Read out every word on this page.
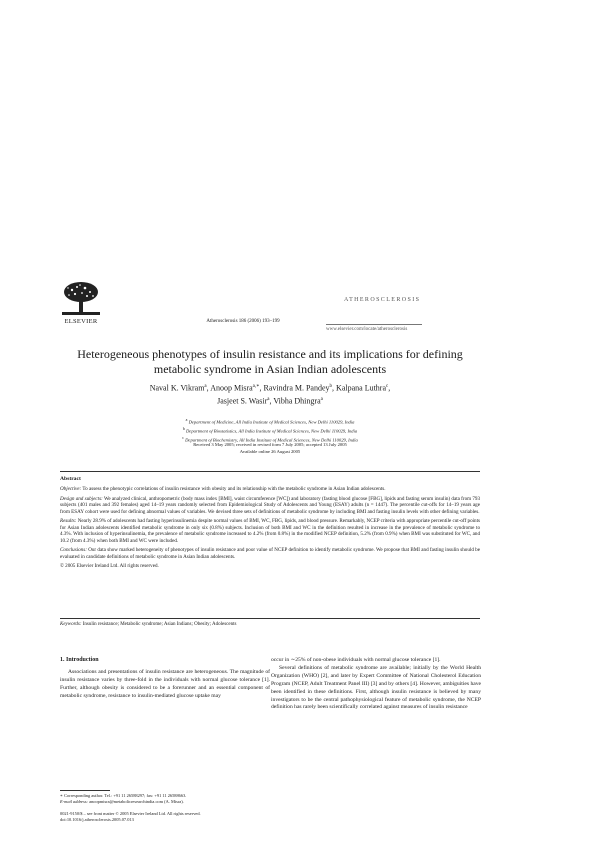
ELSEVIER	Atherosclerosis 186 (2006) 193–199
ATHEROSCLEROSIS
www.elsevier.com/locate/atherosclerosis
Heterogeneous phenotypes of insulin resistance and its implications for defining metabolic syndrome in Asian Indian adolescents
Naval K. Vikram$^a$, Anoop Misra$^{a,∗}$, Ravindra M. Pandey$^b$, Kalpana Luthra$^c$,
Jasjeet S. Wasir$^a$, Vibha Dhingra$^a$
$^a$ Department of Medicine, All India Institute of Medical Sciences, New Delhi 110029, India
$^b$ Department of Biostatistics, All India Institute of Medical Sciences, New Delhi 110029, India
$^c$ Department of Biochemistry, All India Institute of Medical Sciences, New Delhi 110029, India
Received 3 May 2005; received in revised form 7 July 2005; accepted 13 July 2005
Available online 26 August 2005
Abstract

Objective: To assess the phenotypic correlations of insulin resistance with obesity and its relationship with the metabolic syndrome in Asian Indian adolescents.

Design and subjects: We analyzed clinical, anthropometric (body mass index [BMI], waist circumference [WC]) and laboratory (fasting blood glucose [FBG], lipids and fasting serum insulin) data from 793 subjects (401 males and 392 females) aged 14–19 years randomly selected from Epidemiological Study of Adolescents and Young (ESAY) adults (n = 1447). The percentile cut-offs for 14–19 years age from ESAY cohort were used for defining abnormal values of variables. We devised three sets of definitions of metabolic syndrome by including BMI and fasting insulin levels with other defining variables.

Results: Nearly 28.9% of adolescents had fasting hyperinsulinemia despite normal values of BMI, WC, FBG, lipids, and blood pressure. Remarkably, NCEP criteria with appropriate percentile cut-off points for Asian Indian adolescents identified metabolic syndrome in only six (0.8%) subjects. Inclusion of both BMI and WC in the definition resulted in increase in the prevalence of metabolic syndrome to 4.3%. With inclusion of hyperinsulinemia, the prevalence of metabolic syndrome increased to 4.2% (from 0.8%) in the modified NCEP definition, 5.2% (from 0.9%) when BMI was substituted for WC, and 10.2 (from 4.3%) when both BMI and WC were included.

Conclusions: Our data show marked heterogeneity of phenotypes of insulin resistance and poor value of NCEP definition to identify metabolic syndrome. We propose that BMI and fasting insulin should be evaluated in candidate definitions of metabolic syndrome in Asian Indian adolescents.

© 2005 Elsevier Ireland Ltd. All rights reserved.

Keywords: Insulin resistance; Metabolic syndrome; Asian Indians; Obesity; Adolescents
1. Introduction

Associations and presentations of insulin resistance are heterogeneous. The magnitude of insulin resistance varies by three-fold in the individuals with normal glucose tolerance [1]. Further, although obesity is considered to be a forerunner and an essential component of metabolic syndrome, resistance to insulin-mediated glucose uptake may

occur in ∼25% of non-obese individuals with normal glucose tolerance [1].

Several definitions of metabolic syndrome are available; initially by the World Health Organization (WHO) [2], and later by Expert Committee of National Cholesterol Education Program (NCEP, Adult Treatment Panel III) [3] and by others [4]. However, ambiguities have been identified in these definitions. First, although insulin resistance is believed by many investigators to be the central pathophysiological feature of metabolic syndrome, the NCEP definition has rarely been scientifically correlated against measures of insulin resistance

∗ Corresponding author. Tel.: +91 11 26588297; fax: +91 11 26588663.
E-mail address: anoopmisra@metabolicresearchindia.com (A. Misra).
0021-9150/$ – see front matter © 2005 Elsevier Ireland Ltd. All rights reserved.
doi:10.1016/j.atherosclerosis.2005.07.013
